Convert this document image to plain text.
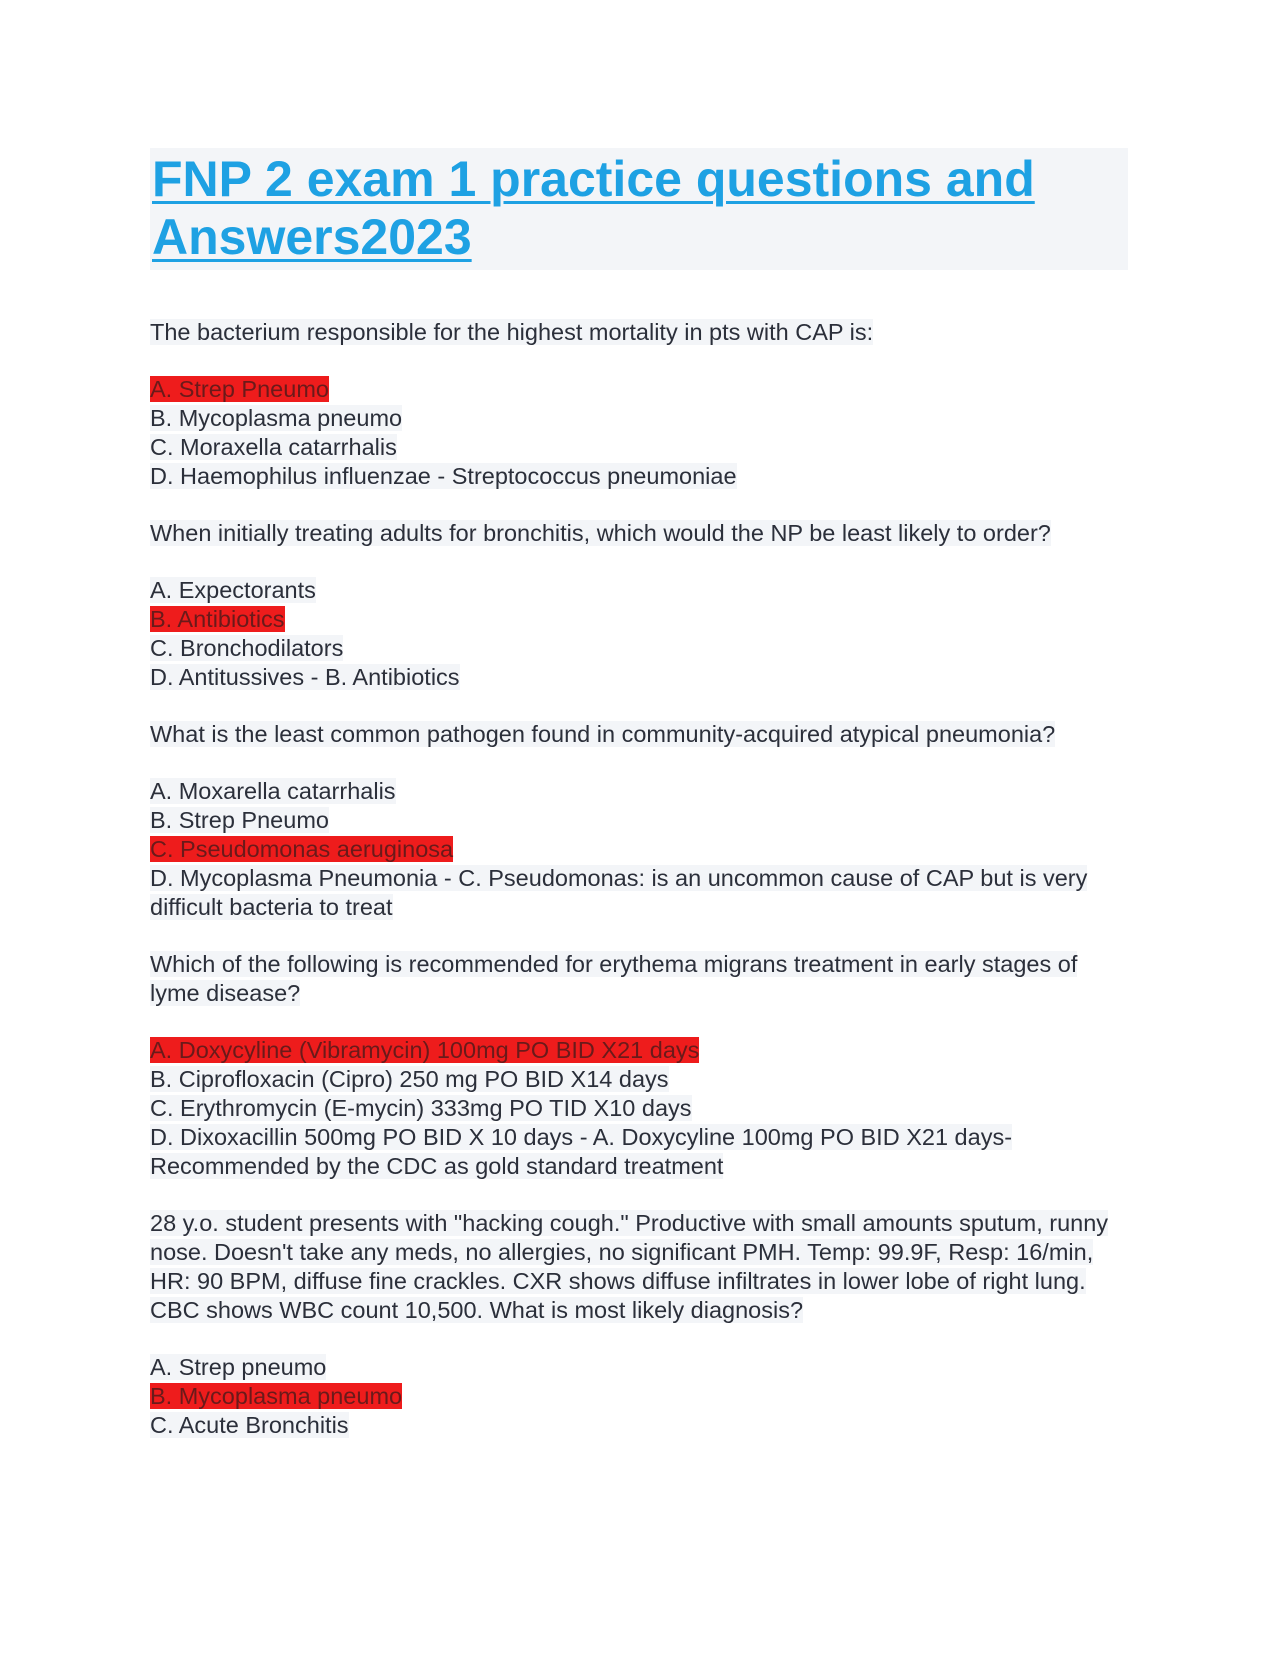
FNP 2 exam 1 practice questions and Answers2023

The bacterium responsible for the highest mortality in pts with CAP is:

A. Strep Pneumo
B. Mycoplasma pneumo
C. Moraxella catarrhalis
D. Haemophilus influenzae - Streptococcus pneumoniae

When initially treating adults for bronchitis, which would the NP be least likely to order?

A. Expectorants
B. Antibiotics
C. Bronchodilators
D. Antitussives - B. Antibiotics

What is the least common pathogen found in community-acquired atypical pneumonia?

A. Moxarella catarrhalis
B. Strep Pneumo
C. Pseudomonas aeruginosa
D. Mycoplasma Pneumonia - C. Pseudomonas: is an uncommon cause of CAP but is very difficult bacteria to treat

Which of the following is recommended for erythema migrans treatment in early stages of lyme disease?

A. Doxycyline (Vibramycin) 100mg PO BID X21 days
B. Ciprofloxacin (Cipro) 250 mg PO BID X14 days
C. Erythromycin (E-mycin) 333mg PO TID X10 days
D. Dixoxacillin 500mg PO BID X 10 days - A. Doxycyline 100mg PO BID X21 days- Recommended by the CDC as gold standard treatment

28 y.o. student presents with "hacking cough." Productive with small amounts sputum, runny nose. Doesn't take any meds, no allergies, no significant PMH. Temp: 99.9F, Resp: 16/min, HR: 90 BPM, diffuse fine crackles. CXR shows diffuse infiltrates in lower lobe of right lung. CBC shows WBC count 10,500. What is most likely diagnosis?

A. Strep pneumo
B. Mycoplasma pneumo
C. Acute Bronchitis
